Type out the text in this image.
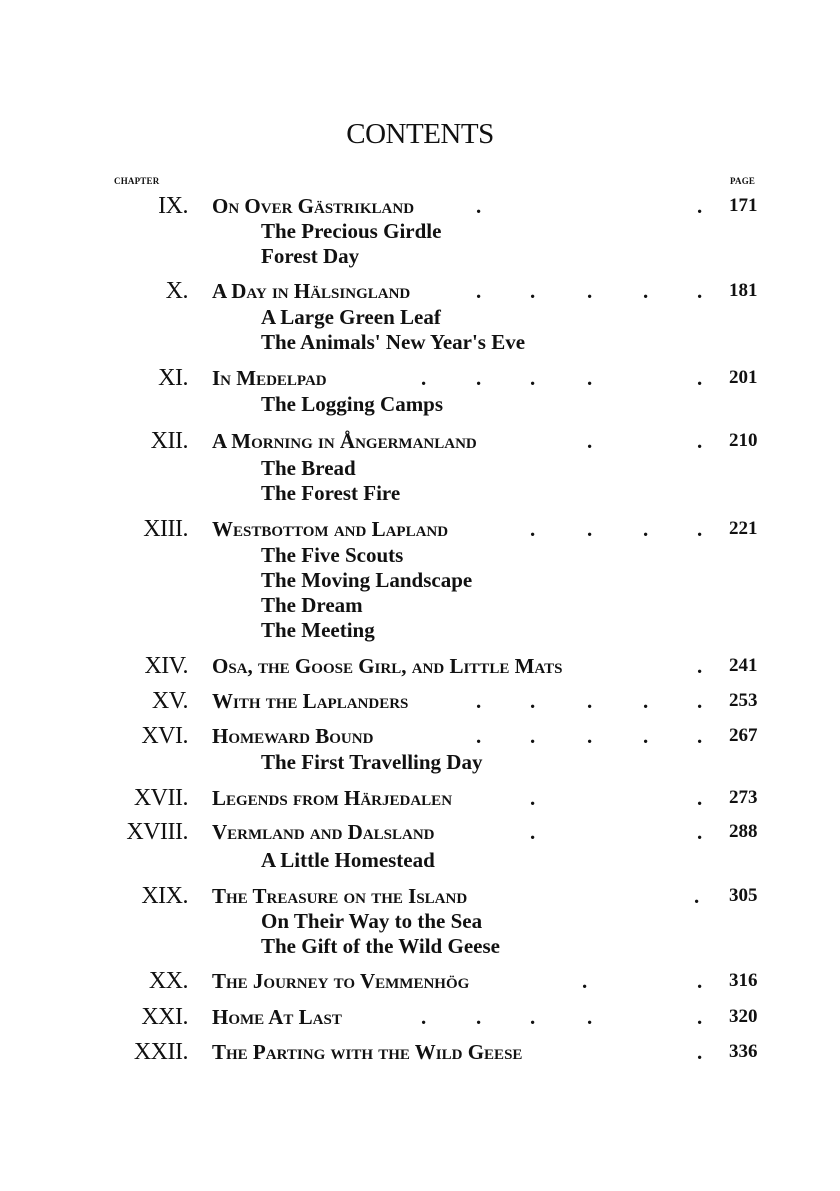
CONTENTS
CHAPTER	PAGE
IX. On Over Gästrikland	.	. 171
The Precious Girdle
Forest Day
X. A Day in Hälsingland	. . . . . 181
A Large Green Leaf
The Animals' New Year's Eve
XI. In Medelpad	. . . .	. 201
The Logging Camps
XII. A Morning in Ångermanland	.	. 210
The Bread
The Forest Fire
XIII. Westbottom and Lapland	. . . . 221
The Five Scouts
The Moving Landscape
The Dream
The Meeting
XIV. Osa, the Goose Girl, and Little Mats	. 241
XV. With the Laplanders	. . . . . 253
XVI. Homeward Bound	. . . . . 267
The First Travelling Day
XVII. Legends from Härjedalen	.	. 273
XVIII. Vermland and Dalsland	.	. 288
A Little Homestead
XIX. The Treasure on the Island	. 305
On Their Way to the Sea
The Gift of the Wild Geese
XX. The Journey to Vemmenhög	.	. 316
XXI. Home At Last	. . . .	. 320
XXII. The Parting with the Wild Geese	. 336
